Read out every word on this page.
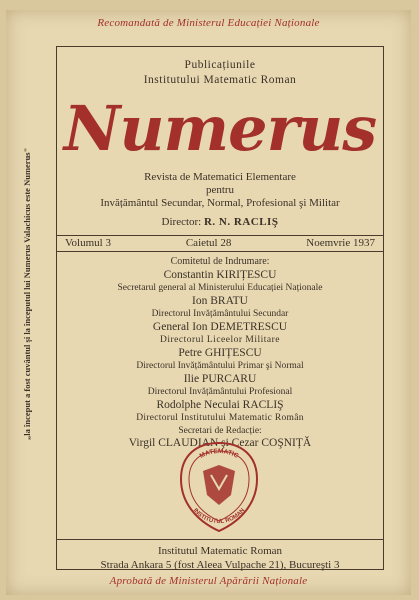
Recomandată de Ministerul Educației Naționale
„la început a fost cuvântul şi la începutul lui Numerus Valachicus este Numerus"
Publicațiunile
Institutului Matematic Roman
Numerus
Revista de Matematici Elementare
pentru
Invățământul Secundar, Normal, Profesional şi Militar
Director: R. N. RACLIŞ
Volumul 3	Caietul 28	Noemvrie 1937
Comitetul de Indrumare:
Constantin KIRIȚESCU
Secretarul general al Ministerului Educației Naționale
Ion BRATU
Directorul Invățământului Secundar
General Ion DEMETRESCU
Directorul Liceelor Militare
Petre GHIȚESCU
Directorul Invățământului Primar şi Normal
Ilie PURCARU
Directorul Invățământului Profesional
Rodolphe Neculai RACLIŞ
Directorul Institutului Matematic Român
Secretari de Redacție:
Virgil CLAUDIAN şi Cezar COŞNIȚĂ
MATEMATIC
INSTITUTUL ROMAN
Institutul Matematic Roman
Strada Ankara 5 (fost Aleea Vulpache 21), Bucureşti 3
Aprobată de Ministerul Apărării Naționale
